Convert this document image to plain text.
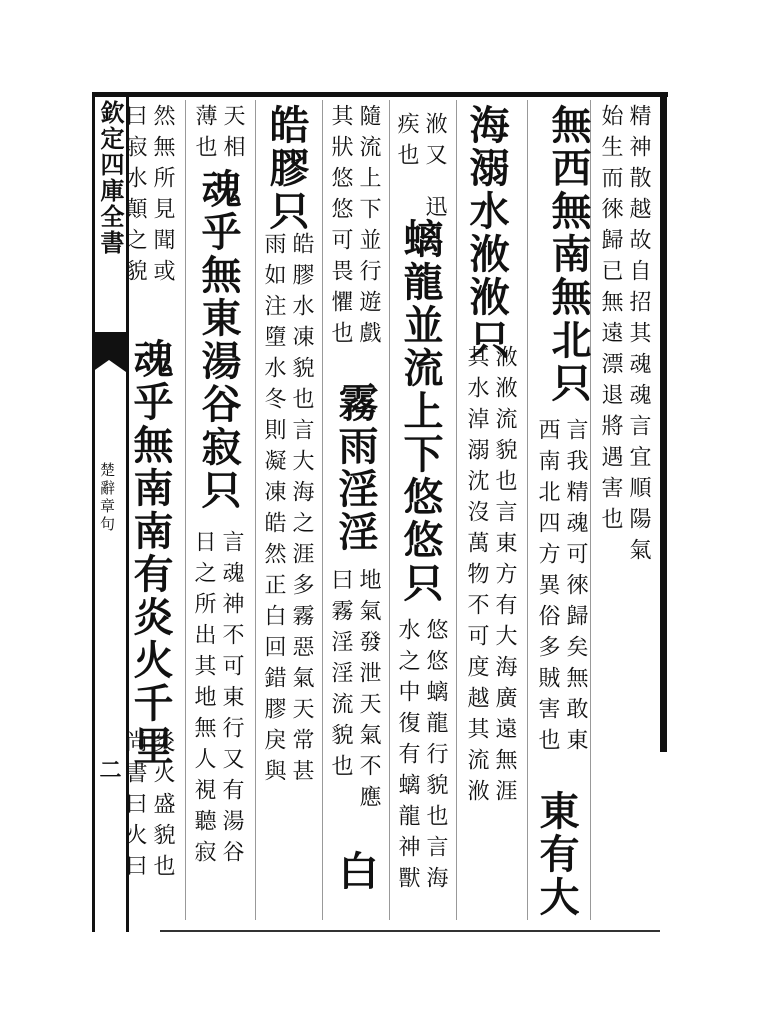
欽定四庫全書
楚辭章句
二
精神散越故自招其魂魂言宜順陽氣
始生而徠歸已無遠漂退將遇害也
無西無南無北只
言我精魂可徠歸矣無敢東
西南北四方異俗多賊害也
東有大
海溺水浟浟只
浟浟流貌也言東方有大海廣遠無涯
其水淖溺沈沒萬物不可度越其流浟
浟又
疾也
迅
螭龍並流上下悠悠只
悠悠螭龍行貌也言海
水之中復有螭龍神獸
隨流上下並行遊戲
其狀悠悠可畏懼也
霧雨淫淫
地氣發泄天氣不應
曰霧淫淫流貌也
白
皓膠只
皓膠水凍貌也言大海之涯多霧惡氣天常甚
雨如注墮水冬則凝凍皓然正白回錯膠戾與
天相
薄也
魂乎無東湯谷寂只
言魂神不可東行又有湯谷
日之所出其地無人視聽寂
然無所見聞或
曰寂水顛之貌
魂乎無南南有炎火千里
炎火盛貌也
尚書曰火曰
